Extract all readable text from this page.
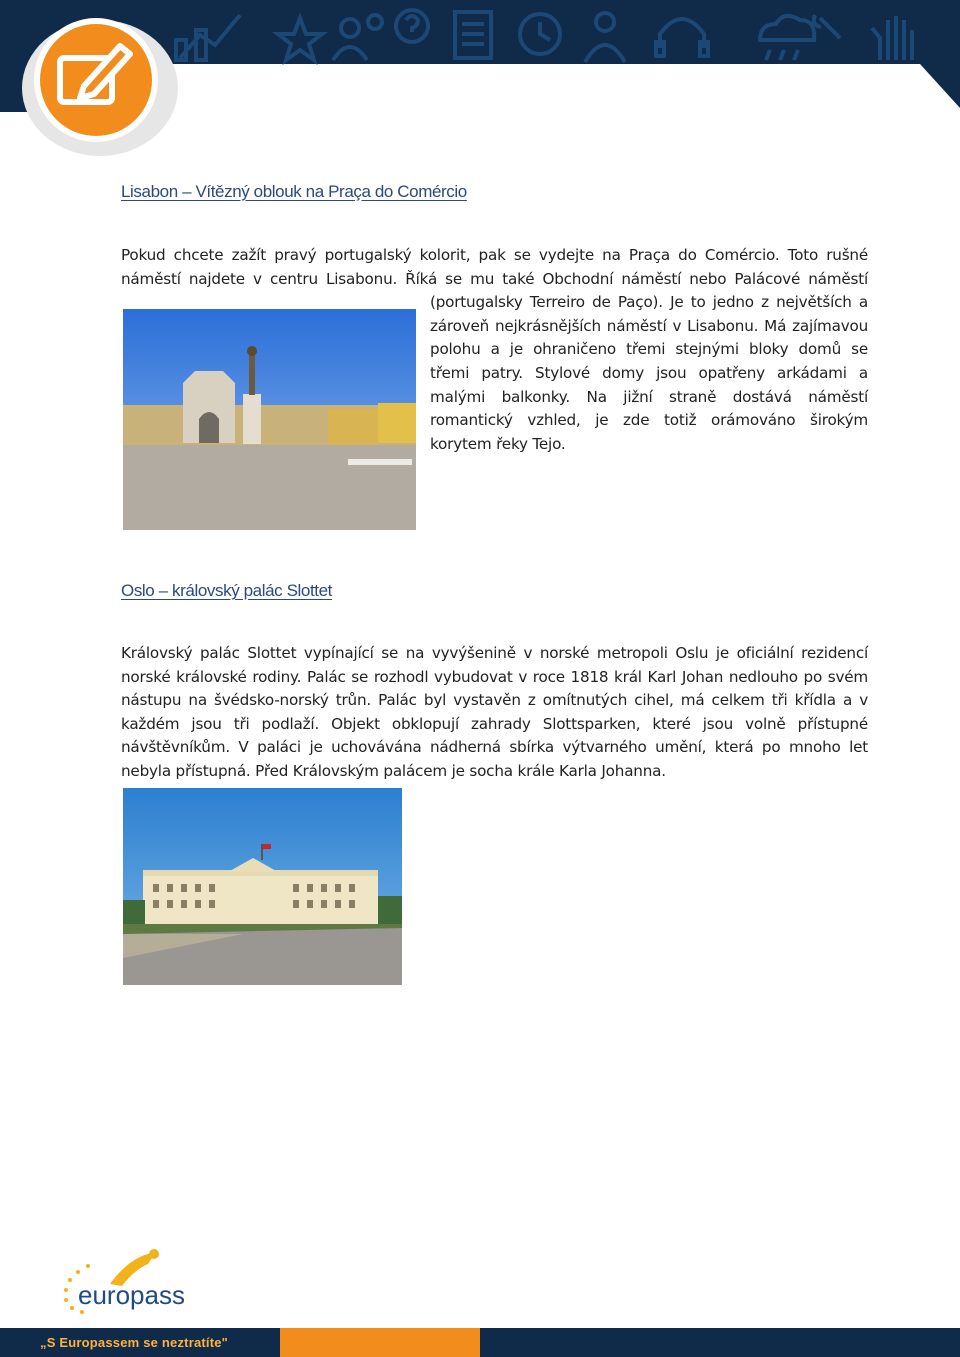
Lisabon – Vítězný oblouk na Praça do Comércio

Pokud chcete zažít pravý portugalský kolorit, pak se vydejte na Praça do Comércio. Toto rušné

náměstí najdete v centru Lisabonu. Říká se mu také Obchodní náměstí nebo Palácové náměstí

(portugalsky Terreiro de Paço). Je to jedno z největších a zároveň nejkrásnějších náměstí v Lisabonu. Má zajímavou polohu a je ohraničeno třemi stejnými bloky domů se třemi patry. Stylové domy jsou opatřeny arkádami a malými balkonky. Na jižní straně dostává náměstí romantický vzhled, je zde totiž orámováno širokým korytem řeky Tejo.

Oslo – královský palác Slottet

Královský palác Slottet vypínající se na vyvýšenině v norské metropoli Oslu je oficiální rezidencí norské královské rodiny. Palác se rozhodl vybudovat v roce 1818 král Karl Johan nedlouho po svém nástupu na švédsko-norský trůn. Palác byl vystavěn z omítnutých cihel, má celkem tři křídla a v každém jsou tři podlaží. Objekt obklopují zahrady Slottsparken, které jsou volně přístupné návštěvníkům. V paláci je uchovávána nádherná sbírka výtvarného umění, která po mnoho let nebyla přístupná. Před Královským palácem je socha krále Karla Johanna.

europass
„S Europassem se neztratíte"
